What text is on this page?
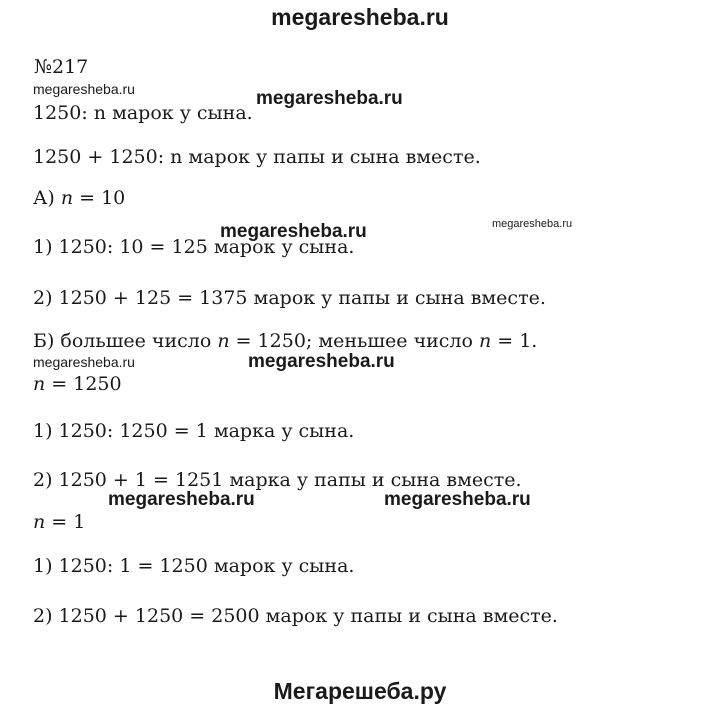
megaresheba.ru
№217
megaresheba.ru	megaresheba.ru
1250: n марок у сына.
1250 + 1250: n марок у папы и сына вместе.
А) 𝑛 = 10
megaresheba.ru	megaresheba.ru
1) 1250: 10 = 125 марок у сына.
2) 1250 + 125 = 1375 марок у папы и сына вместе.
Б) большее число 𝑛 = 1250; меньшее число 𝑛 = 1.
megaresheba.ru	megaresheba.ru
𝑛 = 1250
1) 1250: 1250 = 1 марка у сына.
2) 1250 + 1 = 1251 марка у папы и сына вместе.
megaresheba.ru	megaresheba.ru
𝑛 = 1
1) 1250: 1 = 1250 марок у сына.
2) 1250 + 1250 = 2500 марок у папы и сына вместе.
Мегарешеба.ру
